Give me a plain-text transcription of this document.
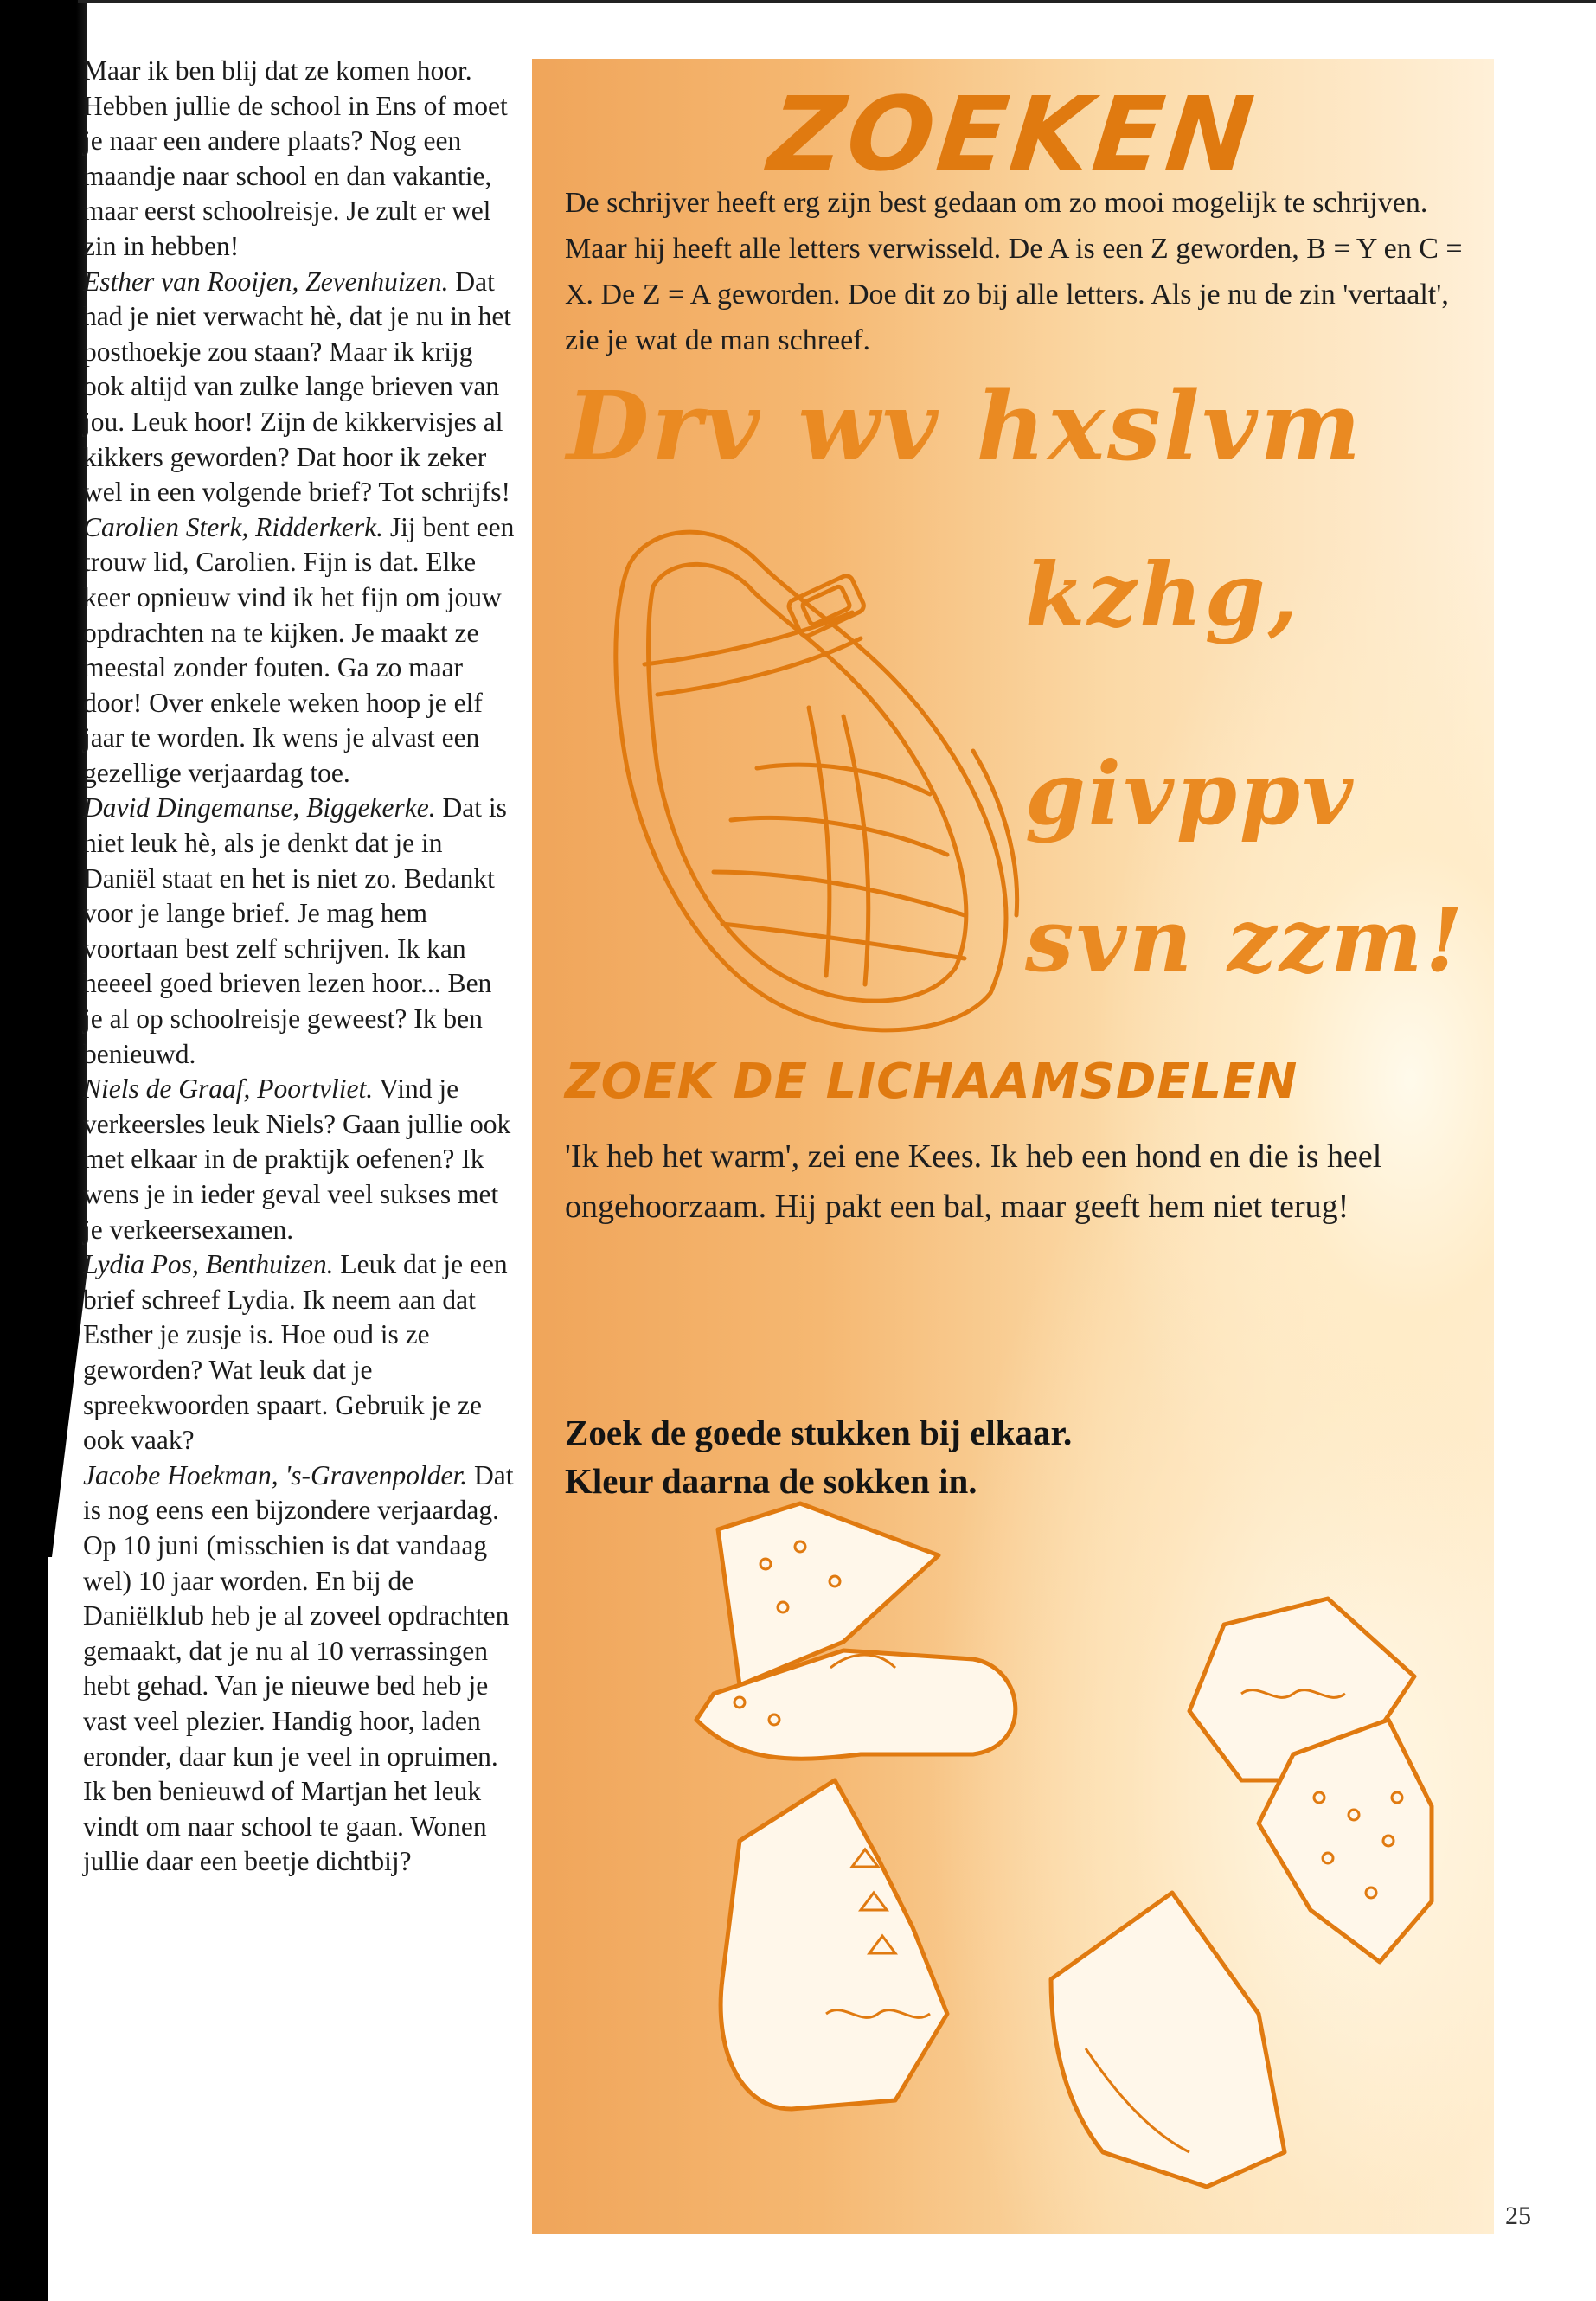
Maar ik ben blij dat ze komen hoor. Hebben jullie de school in Ens of moet je naar een andere plaats? Nog een maandje naar school en dan vakantie, maar eerst schoolreisje. Je zult er wel zin in hebben!

Esther van Rooijen, Zevenhuizen. Dat had je niet verwacht hè, dat je nu in het posthoekje zou staan? Maar ik krijg ook altijd van zulke lange brieven van jou. Leuk hoor! Zijn de kikkervisjes al kikkers geworden? Dat hoor ik zeker wel in een volgende brief? Tot schrijfs!

Carolien Sterk, Ridderkerk. Jij bent een trouw lid, Carolien. Fijn is dat. Elke keer opnieuw vind ik het fijn om jouw opdrachten na te kijken. Je maakt ze meestal zonder fouten. Ga zo maar door! Over enkele weken hoop je elf jaar te worden. Ik wens je alvast een gezellige verjaardag toe.

David Dingemanse, Biggekerke. Dat is niet leuk hè, als je denkt dat je in Daniël staat en het is niet zo. Bedankt voor je lange brief. Je mag hem voortaan best zelf schrijven. Ik kan heeeel goed brieven lezen hoor... Ben je al op schoolreisje geweest? Ik ben benieuwd.

Niels de Graaf, Poortvliet. Vind je verkeersles leuk Niels? Gaan jullie ook met elkaar in de praktijk oefenen? Ik wens je in ieder geval veel sukses met je verkeersexamen.

Lydia Pos, Benthuizen. Leuk dat je een brief schreef Lydia. Ik neem aan dat Esther je zusje is. Hoe oud is ze geworden? Wat leuk dat je spreekwoorden spaart. Gebruik je ze ook vaak?

Jacobe Hoekman, 's-Gravenpolder. Dat is nog eens een bijzondere verjaardag. Op 10 juni (misschien is dat vandaag wel) 10 jaar worden. En bij de Daniëlklub heb je al zoveel opdrachten gemaakt, dat je nu al 10 verrassingen hebt gehad. Van je nieuwe bed heb je vast veel plezier. Handig hoor, laden eronder, daar kun je veel in opruimen. Ik ben benieuwd of Martjan het leuk vindt om naar school te gaan. Wonen jullie daar een beetje dichtbij?

ZOEKEN
De schrijver heeft erg zijn best gedaan om zo mooi mogelijk te schrijven. Maar hij heeft alle letters verwisseld. De A is een Z geworden, B = Y en C = X. De Z = A geworden. Doe dit zo bij alle letters. Als je nu de zin 'vertaalt', zie je wat de man schreef.
Drv wv hxslvm
kzhg,
givppv
svn zzm!
ZOEK DE LICHAAMSDELEN
'Ik heb het warm', zei ene Kees. Ik heb een hond en die is heel ongehoorzaam. Hij pakt een bal, maar geeft hem niet terug!
Zoek de goede stukken bij elkaar.
Kleur daarna de sokken in.
25
